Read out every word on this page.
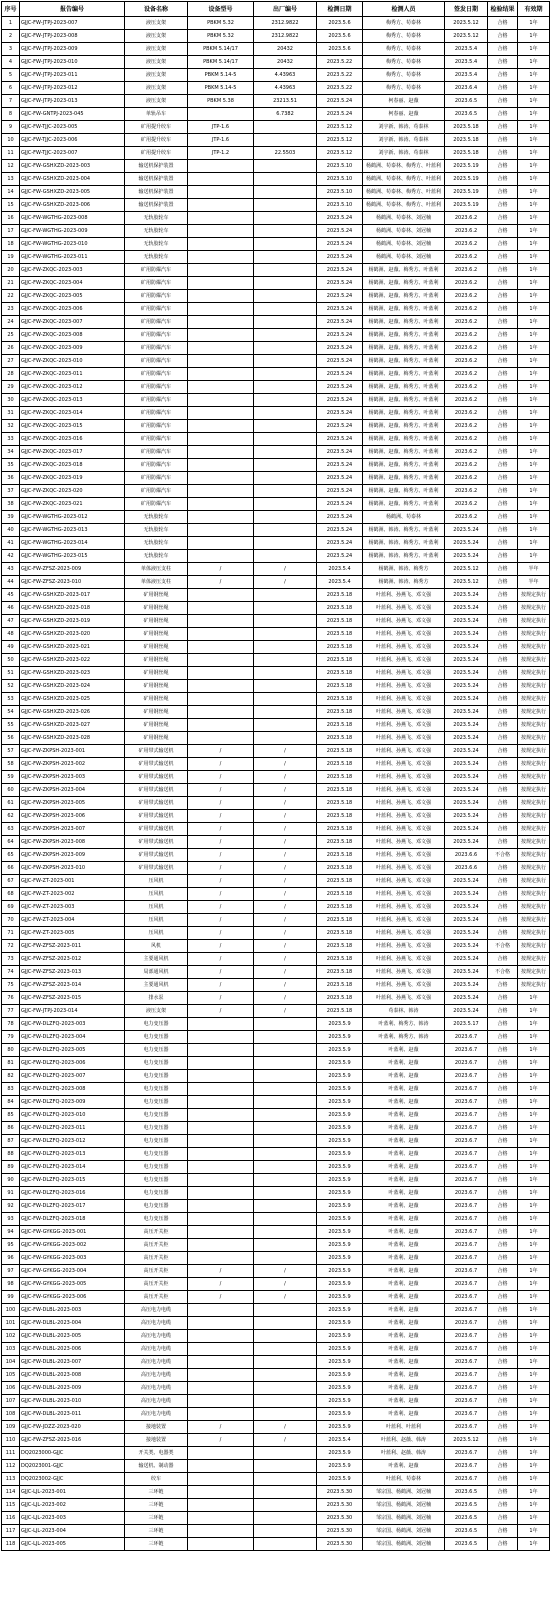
序号	报告编号	设备名称	设备型号	出厂编号	检测日期	检测人员	签发日期	检验结果	有效期
1	GJJC-FW-JTPJ-2023-007	液压支架	PBKM 5.32	2312.9822	2023.5.6	梅秀方、苟泰林	2023.5.12	合格	1年
2	GJJC-FW-JTPJ-2023-008	液压支架	PBKM 5.32	2312.9822	2023.5.6	梅秀方、苟泰林	2023.5.12	合格	1年
3	GJJC-FW-JTPJ-2023-009	液压支架	PBKM 5.14/17	20432	2023.5.6	梅秀方、苟泰林	2023.5.4	合格	1年
4	GJJC-FW-JTPJ-2023-010	液压支架	PBKM 5.14/17	20432	2023.5.22	梅秀方、苟泰林	2023.5.4	合格	1年
5	GJJC-FW-JTPJ-2023-011	液压支架	PBKM 5.14-5	4.43963	2023.5.22	梅秀方、苟泰林	2023.5.4	合格	1年
6	GJJC-FW-JTPJ-2023-012	液压支架	PBKM 5.14-5	4.43963	2023.5.22	梅秀方、苟泰林	2023.6.4	合格	1年
7	GJJC-FW-JTPJ-2023-013	液压支架	PBKM 5.38	23213.51	2023.5.24	柯春丽、赵薇	2023.6.5	合格	1年
8	GJJC-FW-GNTPJ-2023-045	单轨吊车		6.7382	2023.5.24	柯春丽、赵薇	2023.6.5	合格	1年
9	GJJC-FW-TJJC-2023-005	矿用提升绞车	JTP-1.6		2023.5.12	刘宇新、韩涛、苟泰林	2023.5.18	合格	1年
10	GJJC-FW-TJJC-2023-006	矿用提升绞车	JTP-1.6		2023.5.12	刘宇新、韩涛、苟泰林	2023.5.18	合格	1年
11	GJJC-FW-TJJC-2023-007	矿用提升绞车	JTP-1.2	22.5503	2023.5.12	刘宇新、韩涛、苟泰林	2023.5.18	合格	1年
12	GJJC-FW-GSHXZD-2023-003	输送机保护装置			2023.5.10	杨鹤洲、苟泰林、梅秀方、叶蓝利	2023.5.19	合格	1年
13	GJJC-FW-GSHXZD-2023-004	输送机保护装置			2023.5.10	杨鹤洲、苟泰林、梅秀方、叶蓝利	2023.5.19	合格	1年
14	GJJC-FW-GSHXZD-2023-005	输送机保护装置			2023.5.10	杨鹤洲、苟泰林、梅秀方、叶蓝利	2023.5.19	合格	1年
15	GJJC-FW-GSHXZD-2023-006	输送机保护装置			2023.5.10	杨鹤洲、苟泰林、梅秀方、叶蓝利	2023.5.19	合格	1年
16	GJJC-FW-WGTHG-2023-008	无轨胶轮车			2023.5.24	杨鹤洲、苟泰林、刘冠楠	2023.6.2	合格	1年
17	GJJC-FW-WGTHG-2023-009	无轨胶轮车			2023.5.24	杨鹤洲、苟泰林、刘冠楠	2023.6.2	合格	1年
18	GJJC-FW-WGTHG-2023-010	无轨胶轮车			2023.5.24	杨鹤洲、苟泰林、刘冠楠	2023.6.2	合格	1年
19	GJJC-FW-WGTHG-2023-011	无轨胶轮车			2023.5.24	杨鹤洲、苟泰林、刘冠楠	2023.6.2	合格	1年
20	GJJC-FW-ZKQC-2023-003	矿用防爆汽车			2023.5.24	杨鹤洲、赵薇、梅秀方、叶蓝利	2023.6.2	合格	1年
21	GJJC-FW-ZKQC-2023-004	矿用防爆汽车			2023.5.24	杨鹤洲、赵薇、梅秀方、叶蓝利	2023.6.2	合格	1年
22	GJJC-FW-ZKQC-2023-005	矿用防爆汽车			2023.5.24	杨鹤洲、赵薇、梅秀方、叶蓝利	2023.6.2	合格	1年
23	GJJC-FW-ZKQC-2023-006	矿用防爆汽车			2023.5.24	杨鹤洲、赵薇、梅秀方、叶蓝利	2023.6.2	合格	1年
24	GJJC-FW-ZKQC-2023-007	矿用防爆汽车			2023.5.24	杨鹤洲、赵薇、梅秀方、叶蓝利	2023.6.2	合格	1年
25	GJJC-FW-ZKQC-2023-008	矿用防爆汽车			2023.5.24	杨鹤洲、赵薇、梅秀方、叶蓝利	2023.6.2	合格	1年
26	GJJC-FW-ZKQC-2023-009	矿用防爆汽车			2023.5.24	杨鹤洲、赵薇、梅秀方、叶蓝利	2023.6.2	合格	1年
27	GJJC-FW-ZKQC-2023-010	矿用防爆汽车			2023.5.24	杨鹤洲、赵薇、梅秀方、叶蓝利	2023.6.2	合格	1年
28	GJJC-FW-ZKQC-2023-011	矿用防爆汽车			2023.5.24	杨鹤洲、赵薇、梅秀方、叶蓝利	2023.6.2	合格	1年
29	GJJC-FW-ZKQC-2023-012	矿用防爆汽车			2023.5.24	杨鹤洲、赵薇、梅秀方、叶蓝利	2023.6.2	合格	1年
30	GJJC-FW-ZKQC-2023-013	矿用防爆汽车			2023.5.24	杨鹤洲、赵薇、梅秀方、叶蓝利	2023.6.2	合格	1年
31	GJJC-FW-ZKQC-2023-014	矿用防爆汽车			2023.5.24	杨鹤洲、赵薇、梅秀方、叶蓝利	2023.6.2	合格	1年
32	GJJC-FW-ZKQC-2023-015	矿用防爆汽车			2023.5.24	杨鹤洲、赵薇、梅秀方、叶蓝利	2023.6.2	合格	1年
33	GJJC-FW-ZKQC-2023-016	矿用防爆汽车			2023.5.24	杨鹤洲、赵薇、梅秀方、叶蓝利	2023.6.2	合格	1年
34	GJJC-FW-ZKQC-2023-017	矿用防爆汽车			2023.5.24	杨鹤洲、赵薇、梅秀方、叶蓝利	2023.6.2	合格	1年
35	GJJC-FW-ZKQC-2023-018	矿用防爆汽车			2023.5.24	杨鹤洲、赵薇、梅秀方、叶蓝利	2023.6.2	合格	1年
36	GJJC-FW-ZKQC-2023-019	矿用防爆汽车			2023.5.24	杨鹤洲、赵薇、梅秀方、叶蓝利	2023.6.2	合格	1年
37	GJJC-FW-ZKQC-2023-020	矿用防爆汽车			2023.5.24	杨鹤洲、赵薇、梅秀方、叶蓝利	2023.6.2	合格	1年
38	GJJC-FW-ZKQC-2023-021	矿用防爆汽车			2023.5.24	杨鹤洲、赵薇、梅秀方、叶蓝利	2023.6.2	合格	1年
39	GJJC-FW-WGTHG-2023-012	无轨胶轮车			2023.5.24	杨鹤洲、苟泰林	2023.6.2	合格	1年
40	GJJC-FW-WGTHG-2023-013	无轨胶轮车			2023.5.24	杨鹤洲、韩涛、梅秀方、叶蓝利	2023.5.24	合格	1年
41	GJJC-FW-WGTHG-2023-014	无轨胶轮车			2023.5.24	杨鹤洲、韩涛、梅秀方、叶蓝利	2023.5.24	合格	1年
42	GJJC-FW-WGTHG-2023-015	无轨胶轮车			2023.5.24	杨鹤洲、韩涛、梅秀方、叶蓝利	2023.5.24	合格	1年
43	GJJC-FW-ZFSZ-2023-009	单体液压支柱	/	/	2023.5.4	杨鹤洲、韩涛、梅秀方	2023.5.12	合格	半年
44	GJJC-FW-ZFSZ-2023-010	单体液压支柱	/	/	2023.5.4	杨鹤洲、韩涛、梅秀方	2023.5.12	合格	半年
45	GJJC-FW-GSHXZD-2023-017	矿用钢丝绳			2023.5.18	叶蓝利、孙燕飞、邓文强	2023.5.24	合格	按规定执行
46	GJJC-FW-GSHXZD-2023-018	矿用钢丝绳			2023.5.18	叶蓝利、孙燕飞、邓文强	2023.5.24	合格	按规定执行
47	GJJC-FW-GSHXZD-2023-019	矿用钢丝绳			2023.5.18	叶蓝利、孙燕飞、邓文强	2023.5.24	合格	按规定执行
48	GJJC-FW-GSHXZD-2023-020	矿用钢丝绳			2023.5.18	叶蓝利、孙燕飞、邓文强	2023.5.24	合格	按规定执行
49	GJJC-FW-GSHXZD-2023-021	矿用钢丝绳			2023.5.18	叶蓝利、孙燕飞、邓文强	2023.5.24	合格	按规定执行
50	GJJC-FW-GSHXZD-2023-022	矿用钢丝绳			2023.5.18	叶蓝利、孙燕飞、邓文强	2023.5.24	合格	按规定执行
51	GJJC-FW-GSHXZD-2023-023	矿用钢丝绳			2023.5.18	叶蓝利、孙燕飞、邓文强	2023.5.24	合格	按规定执行
52	GJJC-FW-GSHXZD-2023-024	矿用钢丝绳			2023.5.18	叶蓝利、孙燕飞、邓文强	2023.5.24	合格	按规定执行
53	GJJC-FW-GSHXZD-2023-025	矿用钢丝绳			2023.5.18	叶蓝利、孙燕飞、邓文强	2023.5.24	合格	按规定执行
54	GJJC-FW-GSHXZD-2023-026	矿用钢丝绳			2023.5.18	叶蓝利、孙燕飞、邓文强	2023.5.24	合格	按规定执行
55	GJJC-FW-GSHXZD-2023-027	矿用钢丝绳			2023.5.18	叶蓝利、孙燕飞、邓文强	2023.5.24	合格	按规定执行
56	GJJC-FW-GSHXZD-2023-028	矿用钢丝绳			2023.5.18	叶蓝利、孙燕飞、邓文强	2023.5.24	合格	按规定执行
57	GJJC-FW-ZKPSH-2023-001	矿用带式输送机	/	/	2023.5.18	叶蓝利、孙燕飞、邓文强	2023.5.24	合格	按规定执行
58	GJJC-FW-ZKPSH-2023-002	矿用带式输送机	/	/	2023.5.18	叶蓝利、孙燕飞、邓文强	2023.5.24	合格	按规定执行
59	GJJC-FW-ZKPSH-2023-003	矿用带式输送机	/	/	2023.5.18	叶蓝利、孙燕飞、邓文强	2023.5.24	合格	按规定执行
60	GJJC-FW-ZKPSH-2023-004	矿用带式输送机	/	/	2023.5.18	叶蓝利、孙燕飞、邓文强	2023.5.24	合格	按规定执行
61	GJJC-FW-ZKPSH-2023-005	矿用带式输送机	/	/	2023.5.18	叶蓝利、孙燕飞、邓文强	2023.5.24	合格	按规定执行
62	GJJC-FW-ZKPSH-2023-006	矿用带式输送机	/	/	2023.5.18	叶蓝利、孙燕飞、邓文强	2023.5.24	合格	按规定执行
63	GJJC-FW-ZKPSH-2023-007	矿用带式输送机	/	/	2023.5.18	叶蓝利、孙燕飞、邓文强	2023.5.24	合格	按规定执行
64	GJJC-FW-ZKPSH-2023-008	矿用带式输送机	/	/	2023.5.18	叶蓝利、孙燕飞、邓文强	2023.5.24	合格	按规定执行
65	GJJC-FW-ZKPSH-2023-009	矿用带式输送机	/	/	2023.5.18	叶蓝利、孙燕飞、邓文强	2023.6.6	不合格	按规定执行
66	GJJC-FW-ZKPSH-2023-010	矿用带式输送机	/	/	2023.5.18	叶蓝利、孙燕飞、邓文强	2023.6.6	合格	按规定执行
67	GJJC-FW-ZT-2023-001	压风机	/	/	2023.5.18	叶蓝利、孙燕飞、邓文强	2023.5.24	合格	按规定执行
68	GJJC-FW-ZT-2023-002	压风机	/	/	2023.5.18	叶蓝利、孙燕飞、邓文强	2023.5.24	合格	按规定执行
69	GJJC-FW-ZT-2023-003	压风机	/	/	2023.5.18	叶蓝利、孙燕飞、邓文强	2023.5.24	合格	按规定执行
70	GJJC-FW-ZT-2023-004	压风机	/	/	2023.5.18	叶蓝利、孙燕飞、邓文强	2023.5.24	合格	按规定执行
71	GJJC-FW-ZT-2023-005	压风机	/	/	2023.5.18	叶蓝利、孙燕飞、邓文强	2023.5.24	合格	按规定执行
72	GJJC-FW-ZFSZ-2023-011	风机	/	/	2023.5.18	叶蓝利、孙燕飞、邓文强	2023.5.24	不合格	按规定执行
73	GJJC-FW-ZFSZ-2023-012	主要通风机	/	/	2023.5.18	叶蓝利、孙燕飞、邓文强	2023.5.24	合格	按规定执行
74	GJJC-FW-ZFSZ-2023-013	局部通风机	/	/	2023.5.18	叶蓝利、孙燕飞、邓文强	2023.5.24	不合格	按规定执行
75	GJJC-FW-ZFSZ-2023-014	主要通风机	/	/	2023.5.18	叶蓝利、孙燕飞、邓文强	2023.5.24	合格	按规定执行
76	GJJC-FW-ZFSZ-2023-015	排水泵	/	/	2023.5.18	叶蓝利、孙燕飞、邓文强	2023.5.24	合格	1年
77	GJJC-FW-JTPJ-2023-014	液压支架	/	/	2023.5.18	苟泰林、韩涛	2023.5.24	合格	1年
78	GJJC-FW-DLZFQ-2023-003	电力变压器			2023.5.9	叶蓝利、梅秀方、韩涛	2023.5.17	合格	1年
79	GJJC-FW-DLZFQ-2023-004	电力变压器			2023.5.9	叶蓝利、梅秀方、韩涛	2023.6.7	合格	1年
80	GJJC-FW-DLZFQ-2023-005	电力变压器			2023.5.9	叶蓝利、赵薇	2023.6.7	合格	1年
81	GJJC-FW-DLZFQ-2023-006	电力变压器			2023.5.9	叶蓝利、赵薇	2023.6.7	合格	1年
82	GJJC-FW-DLZFQ-2023-007	电力变压器			2023.5.9	叶蓝利、赵薇	2023.6.7	合格	1年
83	GJJC-FW-DLZFQ-2023-008	电力变压器			2023.5.9	叶蓝利、赵薇	2023.6.7	合格	1年
84	GJJC-FW-DLZFQ-2023-009	电力变压器			2023.5.9	叶蓝利、赵薇	2023.6.7	合格	1年
85	GJJC-FW-DLZFQ-2023-010	电力变压器			2023.5.9	叶蓝利、赵薇	2023.6.7	合格	1年
86	GJJC-FW-DLZFQ-2023-011	电力变压器			2023.5.9	叶蓝利、赵薇	2023.6.7	合格	1年
87	GJJC-FW-DLZFQ-2023-012	电力变压器			2023.5.9	叶蓝利、赵薇	2023.6.7	合格	1年
88	GJJC-FW-DLZFQ-2023-013	电力变压器			2023.5.9	叶蓝利、赵薇	2023.6.7	合格	1年
89	GJJC-FW-DLZFQ-2023-014	电力变压器			2023.5.9	叶蓝利、赵薇	2023.6.7	合格	1年
90	GJJC-FW-DLZFQ-2023-015	电力变压器			2023.5.9	叶蓝利、赵薇	2023.6.7	合格	1年
91	GJJC-FW-DLZFQ-2023-016	电力变压器			2023.5.9	叶蓝利、赵薇	2023.6.7	合格	1年
92	GJJC-FW-DLZFQ-2023-017	电力变压器			2023.5.9	叶蓝利、赵薇	2023.6.7	合格	1年
93	GJJC-FW-DLZFQ-2023-018	电力变压器			2023.5.9	叶蓝利、赵薇	2023.6.7	合格	1年
94	GJJC-FW-GYKGG-2023-001	高压开关柜			2023.5.9	叶蓝利、赵薇	2023.6.7	合格	1年
95	GJJC-FW-GYKGG-2023-002	高压开关柜			2023.5.9	叶蓝利、赵薇	2023.6.7	合格	1年
96	GJJC-FW-GYKGG-2023-003	高压开关柜			2023.5.9	叶蓝利、赵薇	2023.6.7	合格	1年
97	GJJC-FW-GYKGG-2023-004	高压开关柜	/	/	2023.5.9	叶蓝利、赵薇	2023.6.7	合格	1年
98	GJJC-FW-GYKGG-2023-005	高压开关柜	/	/	2023.5.9	叶蓝利、赵薇	2023.6.7	合格	1年
99	GJJC-FW-GYKGG-2023-006	高压开关柜	/	/	2023.5.9	叶蓝利、赵薇	2023.6.7	合格	1年
100	GJJC-FW-DLBL-2023-003	高压电力电缆			2023.5.9	叶蓝利、赵薇	2023.6.7	合格	1年
101	GJJC-FW-DLBL-2023-004	高压电力电缆			2023.5.9	叶蓝利、赵薇	2023.6.7	合格	1年
102	GJJC-FW-DLBL-2023-005	高压电力电缆			2023.5.9	叶蓝利、赵薇	2023.6.7	合格	1年
103	GJJC-FW-DLBL-2023-006	高压电力电缆			2023.5.9	叶蓝利、赵薇	2023.6.7	合格	1年
104	GJJC-FW-DLBL-2023-007	高压电力电缆			2023.5.9	叶蓝利、赵薇	2023.6.7	合格	1年
105	GJJC-FW-DLBL-2023-008	高压电力电缆			2023.5.9	叶蓝利、赵薇	2023.6.7	合格	1年
106	GJJC-FW-DLBL-2023-009	高压电力电缆			2023.5.9	叶蓝利、赵薇	2023.6.7	合格	1年
107	GJJC-FW-DLBL-2023-010	高压电力电缆			2023.5.9	叶蓝利、赵薇	2023.6.7	合格	1年
108	GJJC-FW-DLBL-2023-011	高压电力电缆			2023.5.9	叶蓝利、赵薇	2023.6.7	合格	1年
109	GJJC-FW-JDZZ-2023-020	接地装置	/	/	2023.5.9	叶蓝利、叶蓝利	2023.6.7	合格	1年
110	GJJC-FW-ZFSZ-2023-016	接地装置	/	/	2023.5.4	叶蓝利、赵薇、韩涛	2023.5.12	合格	1年
111	DQ2023000-GJJC	开关类、电器类			2023.5.9	叶蓝利、赵薇、韩涛	2023.6.7	合格	1年
112	DQ2023001-GJJC	输送机、制动器			2023.5.9	叶蓝利、赵薇	2023.6.7	合格	1年
113	DQ2023002-GJJC	绞车			2023.5.9	叶蓝利、苟泰林	2023.6.7	合格	1年
114	GJJC-LJL-2023-001	三环链			2023.5.30	邹宗国、杨鹤洲、刘冠楠	2023.6.5	合格	1年
115	GJJC-LJL-2023-002	三环链			2023.5.30	邹宗国、杨鹤洲、刘冠楠	2023.6.5	合格	1年
116	GJJC-LJL-2023-003	三环链			2023.5.30	邹宗国、杨鹤洲、刘冠楠	2023.6.5	合格	1年
117	GJJC-LJL-2023-004	三环链			2023.5.30	邹宗国、杨鹤洲、刘冠楠	2023.6.5	合格	1年
118	GJJC-LJL-2023-005	三环链			2023.5.30	邹宗国、杨鹤洲、刘冠楠	2023.6.5	合格	1年
